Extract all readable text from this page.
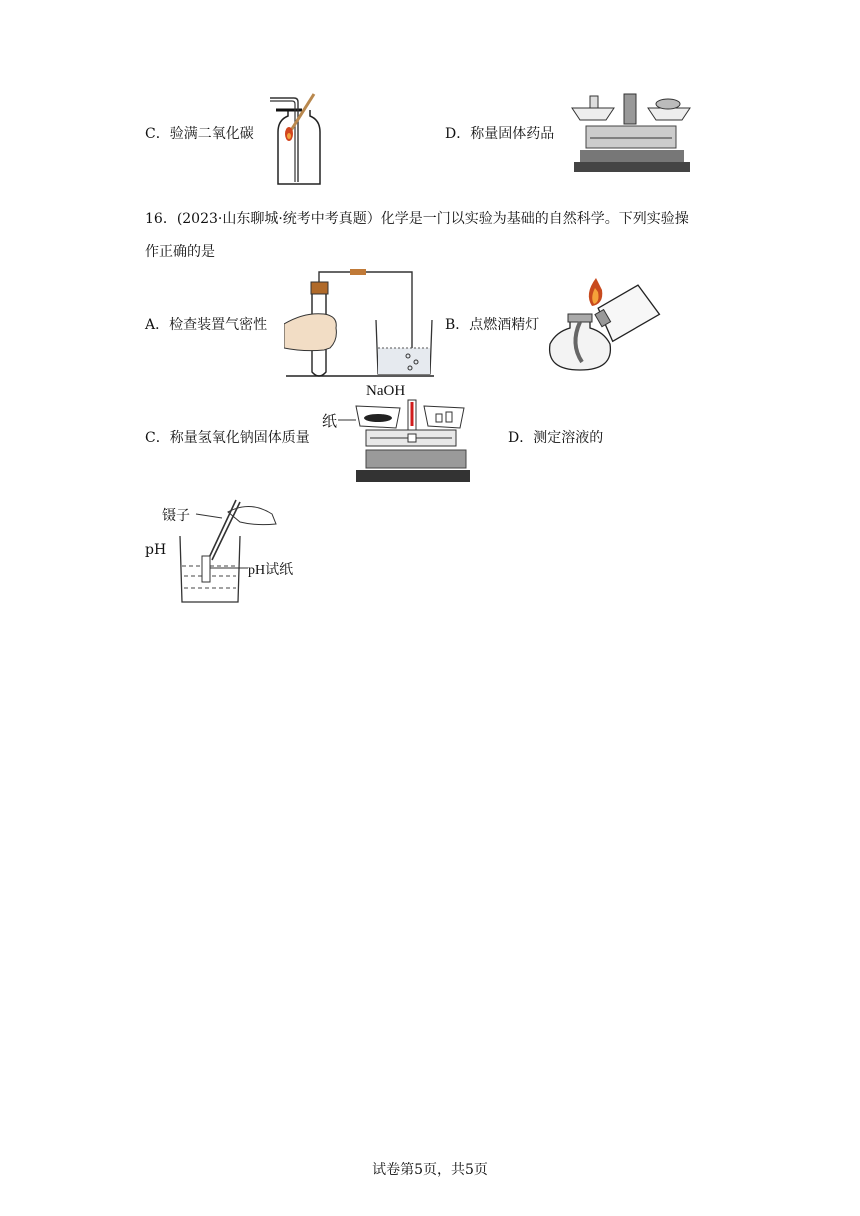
C．验满二氧化碳	D．称量固体药品
16．(2023·山东聊城·统考中考真题）化学是一门以实验为基础的自然科学。下列实验操
作正确的是
A．检查装置气密性	B．点燃酒精灯
C．称量氢氧化钠固体质量
NaOH
纸
D．测定溶液的
镊子
pH试纸
pH
试卷第5页，共5页
